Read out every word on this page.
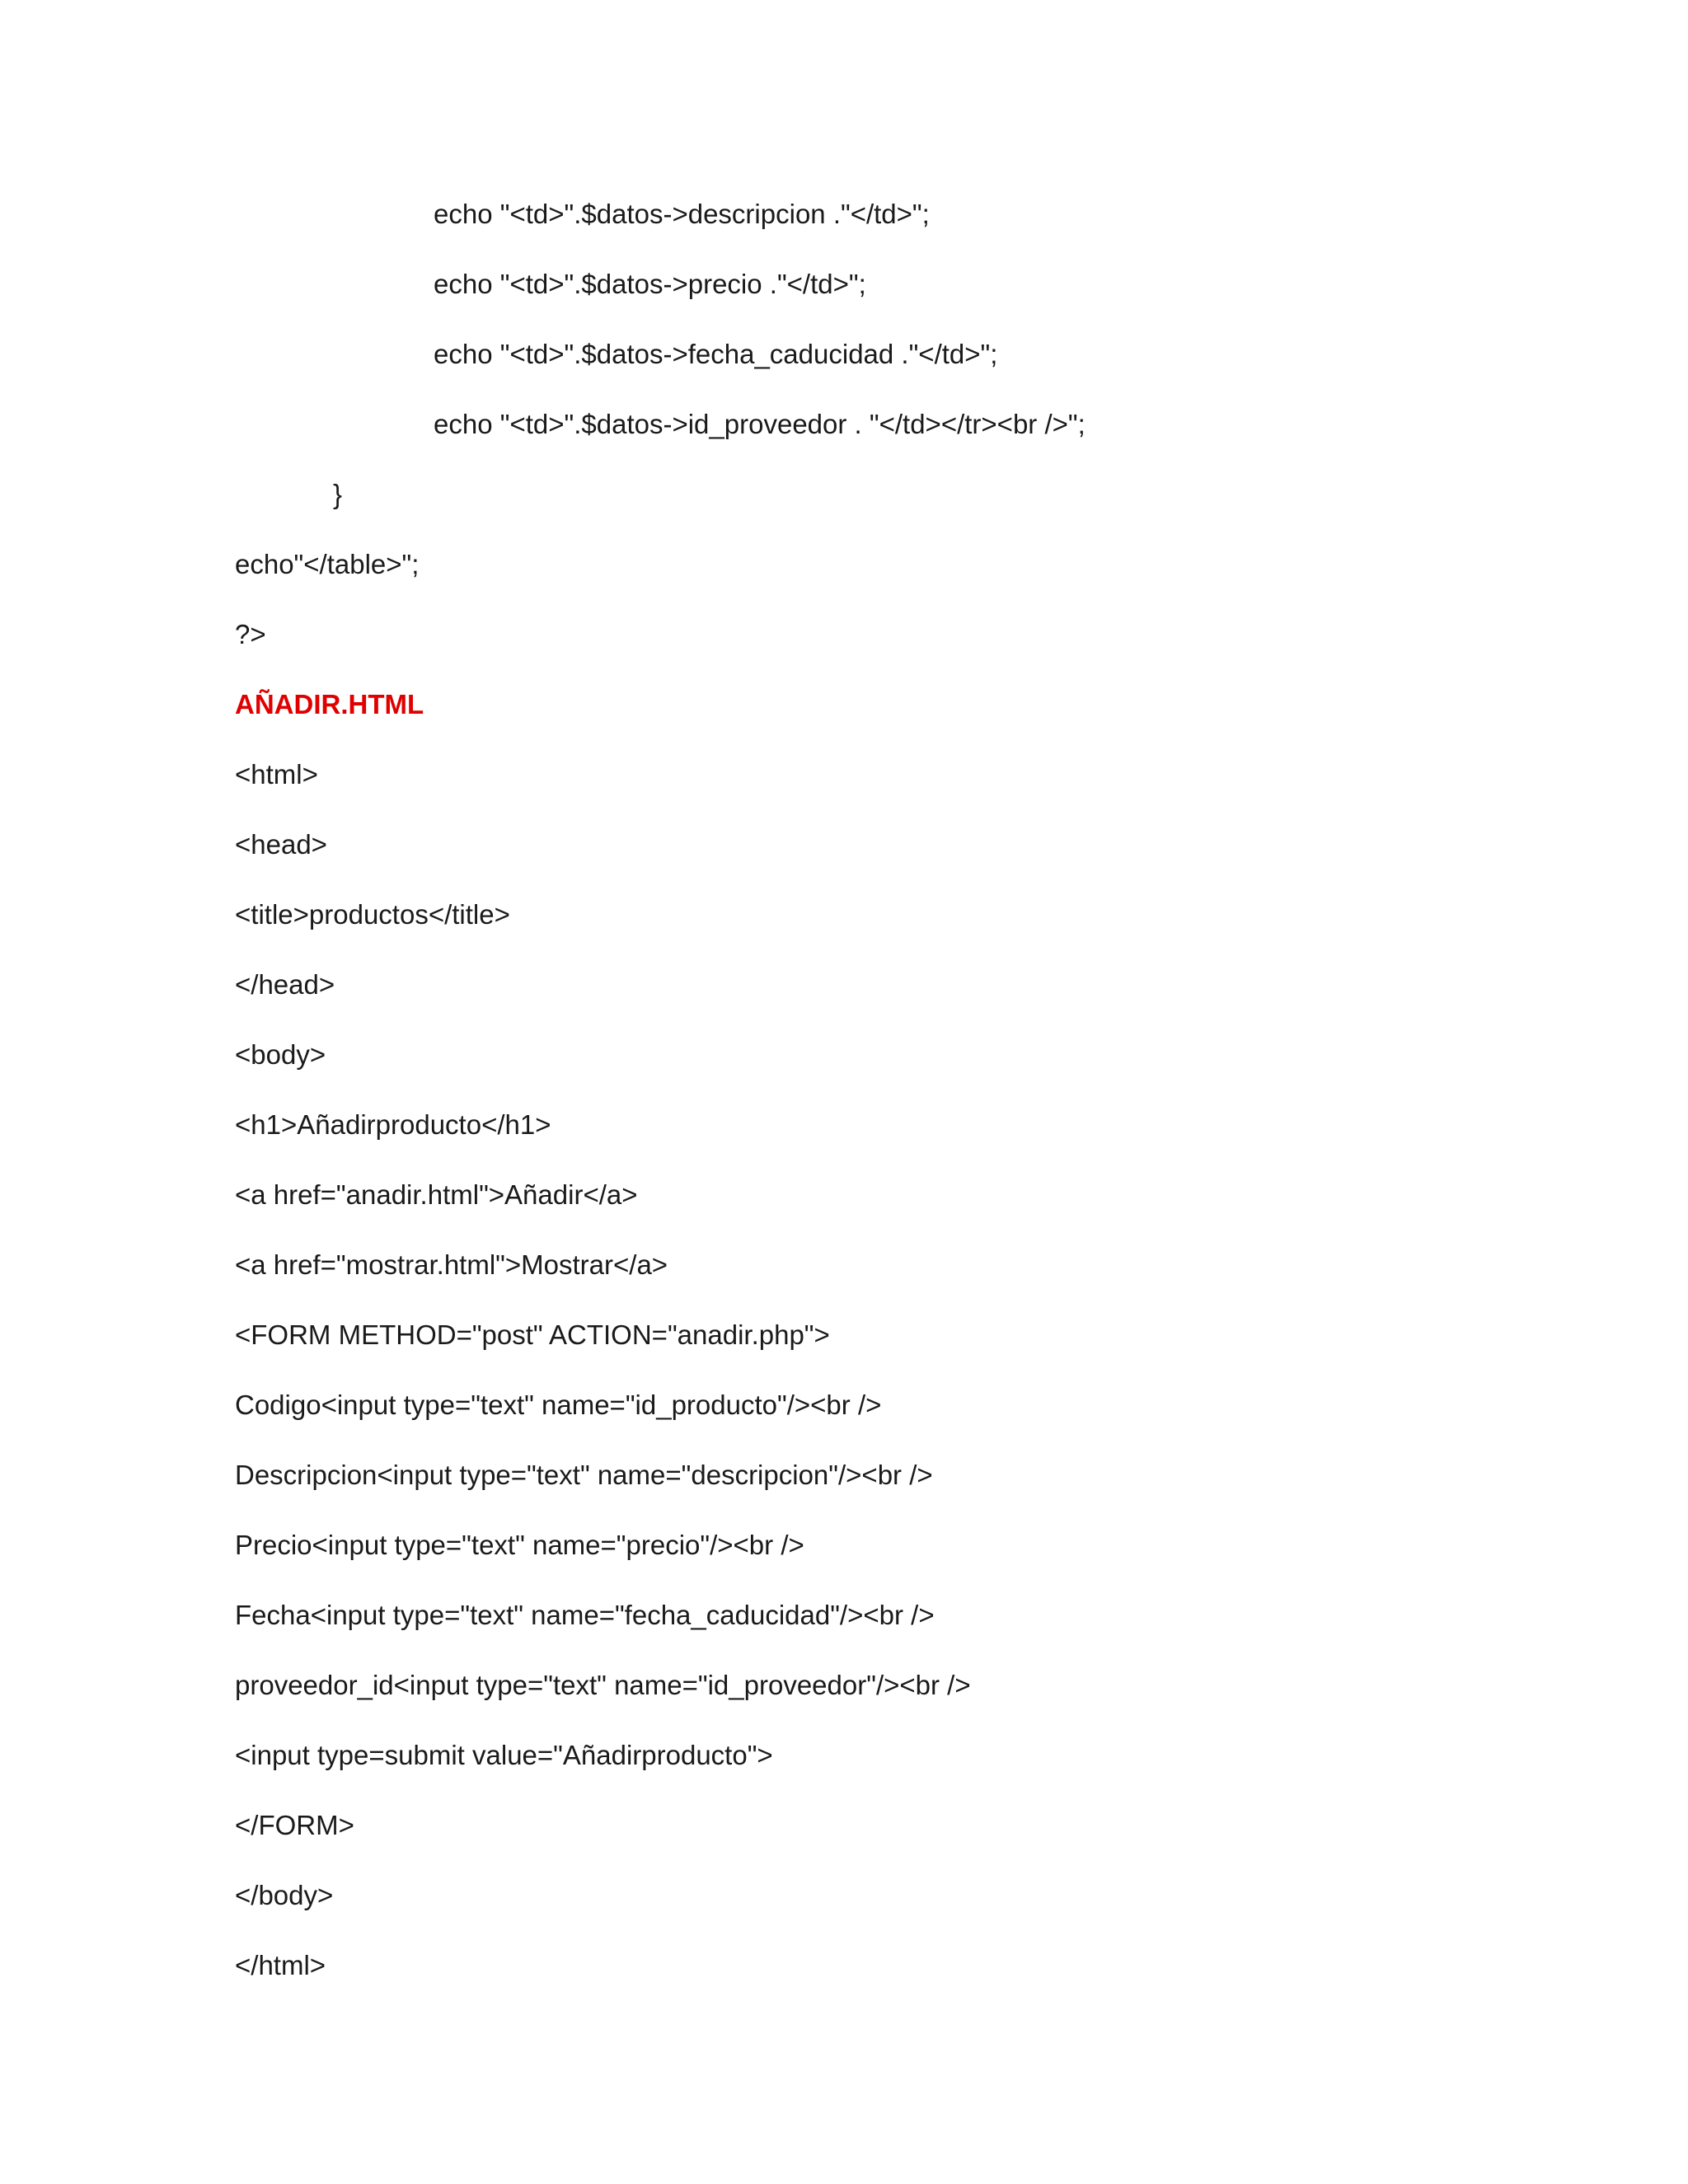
echo "<td>".$datos->descripcion ."</td>";
echo "<td>".$datos->precio ."</td>";
echo "<td>".$datos->fecha_caducidad ."</td>";
echo "<td>".$datos->id_proveedor . "</td></tr><br />";
}
echo"</table>";
?>
AÑADIR.HTML
<html>
<head>
<title>productos</title>
</head>
<body>
<h1>Añadirproducto</h1>
<a href="anadir.html">Añadir</a>
<a href="mostrar.html">Mostrar</a>
<FORM METHOD="post" ACTION="anadir.php">
Codigo<input type="text" name="id_producto"/><br />
Descripcion<input type="text" name="descripcion"/><br />
Precio<input type="text" name="precio"/><br />
Fecha<input type="text" name="fecha_caducidad"/><br />
proveedor_id<input type="text" name="id_proveedor"/><br />
<input type=submit value="Añadirproducto">
</FORM>
</body>
</html>
